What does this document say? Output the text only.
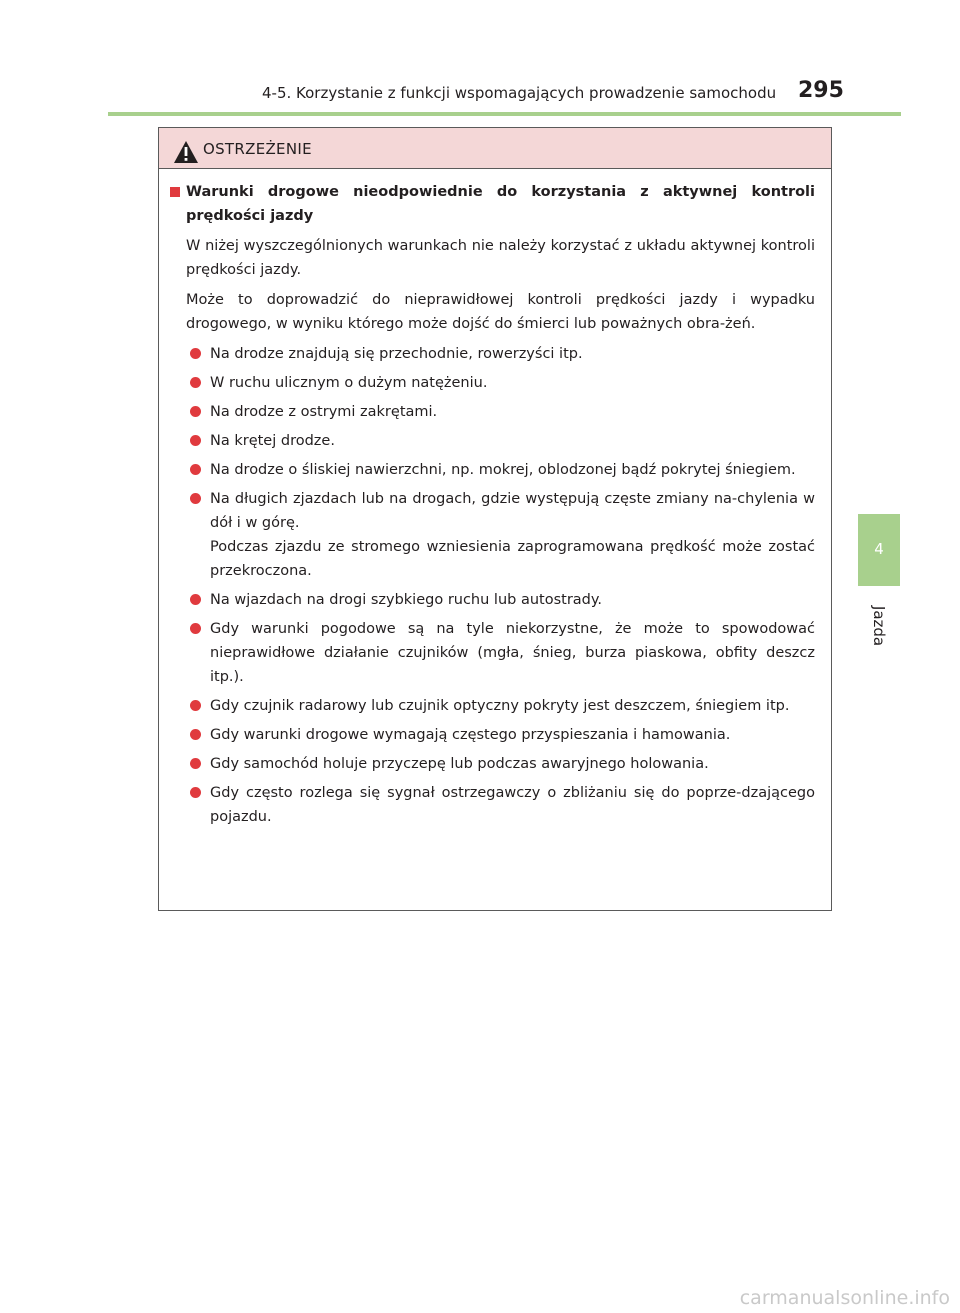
4-5. Korzystanie z funkcji wspomagających prowadzenie samochodu 295
4
Jazda
OSTRZEŻENIE
Warunki drogowe nieodpowiednie do korzystania z aktywnej kontroli prędkości jazdy

W niżej wyszczególnionych warunkach nie należy korzystać z układu aktywnej kontroli prędkości jazdy.

Może to doprowadzić do nieprawidłowej kontroli prędkości jazdy i wypadku drogowego, w wyniku którego może dojść do śmierci lub poważnych obra-żeń.

Na drodze znajdują się przechodnie, rowerzyści itp.
W ruchu ulicznym o dużym natężeniu.
Na drodze z ostrymi zakrętami.
Na krętej drodze.
Na drodze o śliskiej nawierzchni, np. mokrej, oblodzonej bądź pokrytej śniegiem.
Na długich zjazdach lub na drogach, gdzie występują częste zmiany na-chylenia w dół i w górę.
Podczas zjazdu ze stromego wzniesienia zaprogramowana prędkość może zostać przekroczona.
Na wjazdach na drogi szybkiego ruchu lub autostrady.
Gdy warunki pogodowe są na tyle niekorzystne, że może to spowodować nieprawidłowe działanie czujników (mgła, śnieg, burza piaskowa, obfity deszcz itp.).
Gdy czujnik radarowy lub czujnik optyczny pokryty jest deszczem, śniegiem itp.
Gdy warunki drogowe wymagają częstego przyspieszania i hamowania.
Gdy samochód holuje przyczepę lub podczas awaryjnego holowania.
Gdy często rozlega się sygnał ostrzegawczy o zbliżaniu się do poprze-dzającego pojazdu.
carmanualsonline.info
